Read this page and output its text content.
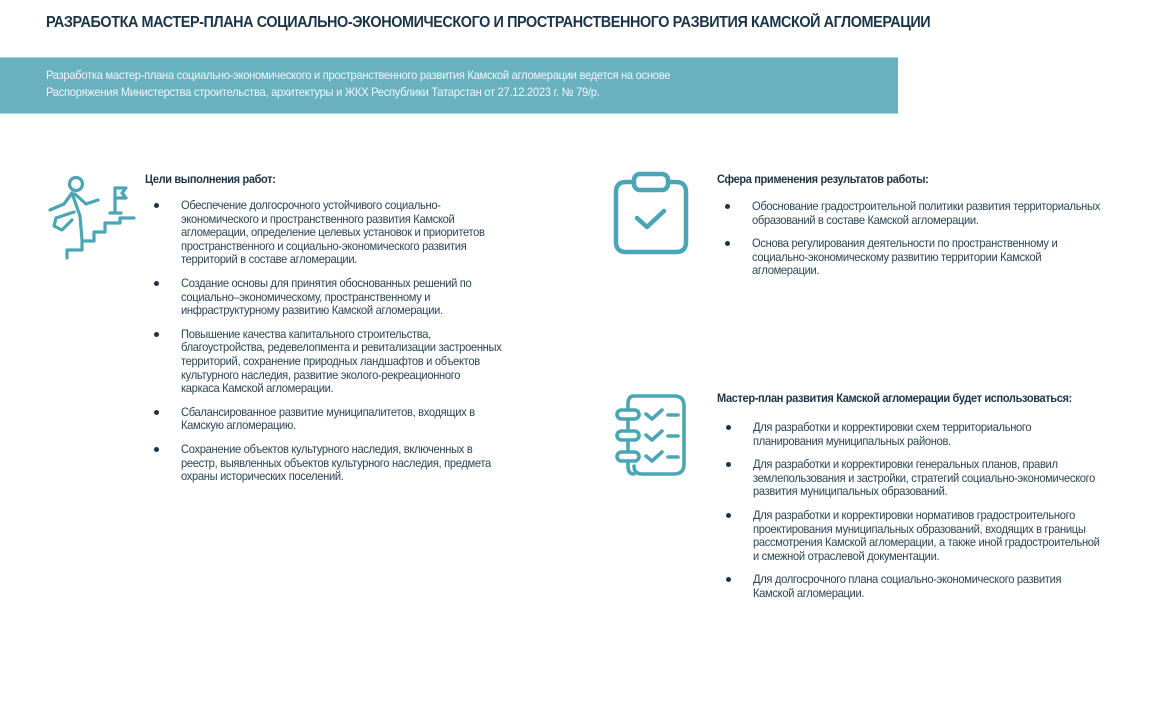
РАЗРАБОТКА МАСТЕР-ПЛАНА СОЦИАЛЬНО-ЭКОНОМИЧЕСКОГО И ПРОСТРАНСТВЕННОГО РАЗВИТИЯ КАМСКОЙ АГЛОМЕРАЦИИ
Разработка мастер-плана социально-экономического и пространственного развития Камской агломерации ведется на основе
Распоряжения Министерства строительства, архитектуры и ЖКХ Республики Татарстан от 27.12.2023 г. № 79/р.
Цели выполнения работ:
Обеспечение долгосрочного устойчивого социально-
экономического и пространственного развития Камской
агломерации, определение целевых установок и приоритетов
пространственного и социально-экономического развития
территорий в составе агломерации.
Создание основы для принятия обоснованных решений по
социально–экономическому, пространственному и
инфраструктурному развитию Камской агломерации.
Повышение качества капитального строительства,
благоустройства, редевелопмента и ревитализации застроенных
территорий, сохранение природных ландшафтов и объектов
культурного наследия, развитие эколого-рекреационного
каркаса Камской агломерации.
Сбалансированное развитие муниципалитетов, входящих в
Камскую агломерацию.
Сохранение объектов культурного наследия, включенных в
реестр, выявленных объектов культурного наследия, предмета
охраны исторических поселений.
Сфера применения результатов работы:
Обоснование градостроительной политики развития территориальных
образований в составе Камской агломерации.
Основа регулирования деятельности по пространственному и
социально-экономическому развитию территории Камской
агломерации.
Мастер-план развития Камской агломерации будет использоваться:
Для разработки и корректировки схем территориального
планирования муниципальных районов.
Для разработки и корректировки генеральных планов, правил
землепользования и застройки, стратегий социально-экономического
развития муниципальных образований.
Для разработки и корректировки нормативов градостроительного
проектирования муниципальных образований, входящих в границы
рассмотрения Камской агломерации, а также иной градостроительной
и смежной отраслевой документации.
Для долгосрочного плана социально-экономического развития
Камской агломерации.
